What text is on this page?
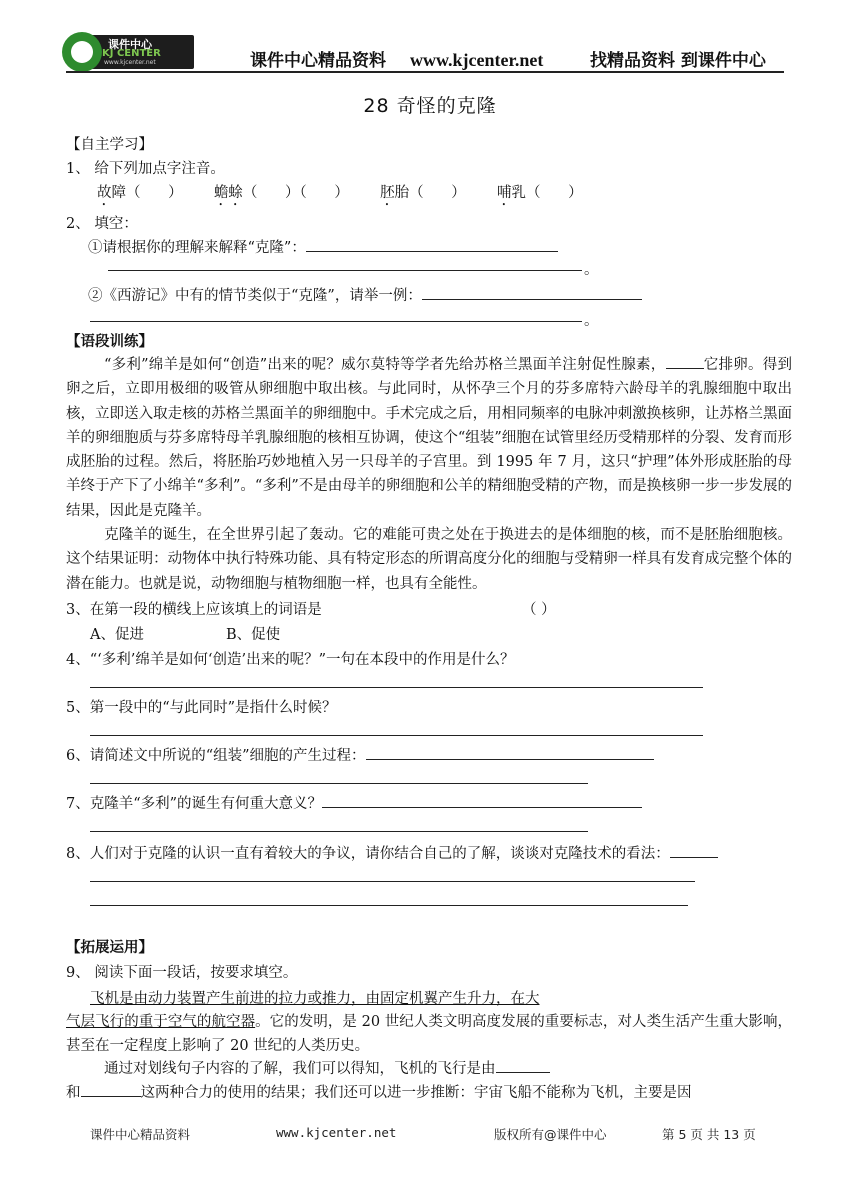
课件中心
KJ CENTER
www.kjcenter.net	课件中心精品资料 www.kjcenter.net	找精品资料 到课件中心
28 奇怪的克隆
【自主学习】
1、 给下列加点字注音。
故障（      ） 蟾蜍（      ）（      ） 胚胎（      ） 哺乳（      ）
2、 填空：
①请根据你的理解来解释“克隆”：
。
②《西游记》中有的情节类似于“克隆”，请举一例：
。
【语段训练】
“多利”绵羊是如何“创造”出来的呢？威尔莫特等学者先给苏格兰黑面羊注射促性腺素，	它排卵。得到卵之后，立即用极细的吸管从卵细胞中取出核。与此同时，从怀孕三个月的芬多席特六龄母羊的乳腺细胞中取出核，立即送入取走核的苏格兰黑面羊的卵细胞中。手术完成之后，用相同频率的电脉冲刺激换核卵，让苏格兰黑面羊的卵细胞质与芬多席特母羊乳腺细胞的核相互协调，使这个“组装”细胞在试管里经历受精那样的分裂、发育而形成胚胎的过程。然后，将胚胎巧妙地植入另一只母羊的子宫里。到 1995 年 7 月，这只“护理”体外形成胚胎的母羊终于产下了小绵羊“多利”。“多利”不是由母羊的卵细胞和公羊的精细胞受精的产物，而是换核卵一步一步发展的结果，因此是克隆羊。
克隆羊的诞生，在全世界引起了轰动。它的难能可贵之处在于换进去的是体细胞的核，而不是胚胎细胞核。这个结果证明：动物体中执行特殊功能、具有特定形态的所谓高度分化的细胞与受精卵一样具有发育成完整个体的潜在能力。也就是说，动物细胞与植物细胞一样，也具有全能性。
3、在第一段的横线上应该填上的词语是	（ ）
A、促进	B、促使
4、“‘多利’绵羊是如何‘创造’出来的呢？”一句在本段中的作用是什么？
5、第一段中的“与此同时”是指什么时候？
6、请简述文中所说的“组装”细胞的产生过程：
7、克隆羊“多利”的诞生有何重大意义？
8、人们对于克隆的认识一直有着较大的争议，请你结合自己的了解，谈谈对克隆技术的看法：
【拓展运用】
9、 阅读下面一段话，按要求填空。
飞机是由动力装置产生前进的拉力或推力，由固定机翼产生升力，在大
气层飞行的重于空气的航空器。它的发明，是 20 世纪人类文明高度发展的重要标志，对人类生活产生重大影响，甚至在一定程度上影响了 20 世纪的人类历史。
通过对划线句子内容的了解，我们可以得知，飞机的飞行是由
和	这两种合力的使用的结果；我们还可以进一步推断：宇宙飞船不能称为飞机，主要是因
课件中心精品资料	www.kjcenter.net	版权所有@课件中心	第 5 页 共 13 页
